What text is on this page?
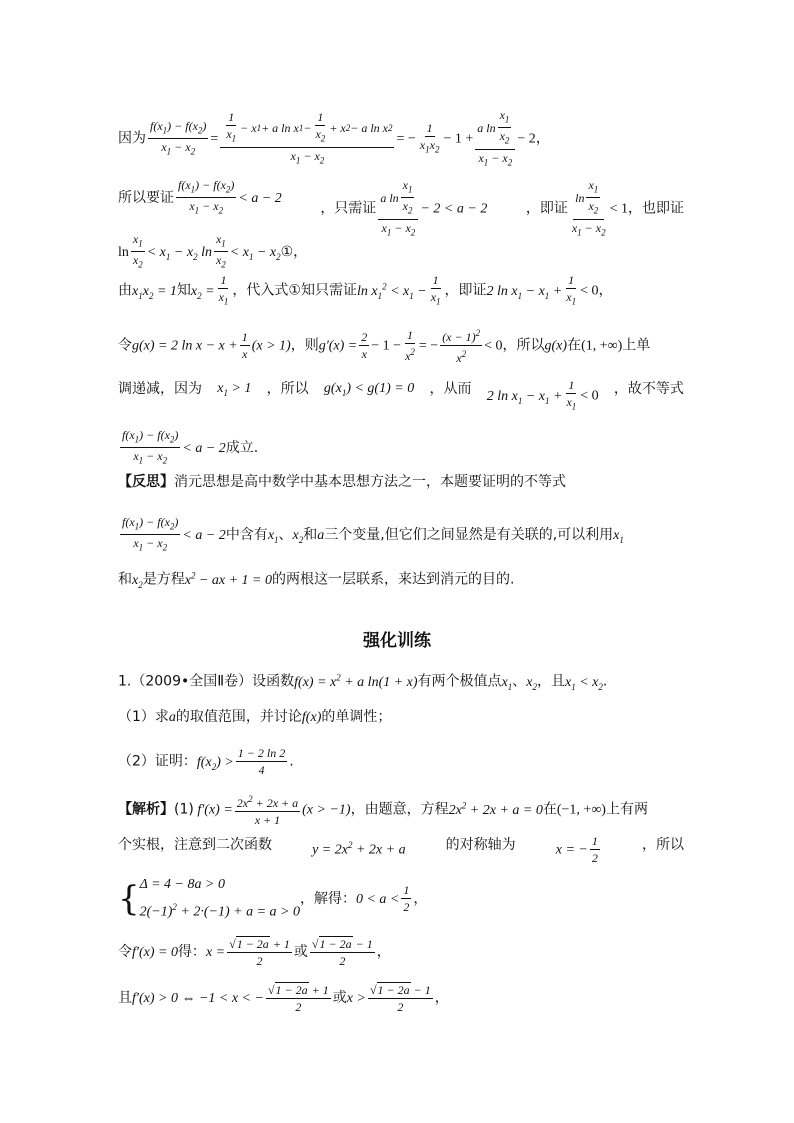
因为 $\frac{f(x_1) - f(x_2)}{x_1 - x_2} = \frac{\frac{1}{x_1} - x 1 + a \ln x 1 - \frac{1}{x_2} + x 2 - a \ln x 2}{x_1 - x_2}$ = − $\frac{1}{x_1x_2} - 1 + \frac{a \ln \frac{x_1}{x_2}}{x_1 - x_2} - 2$，
所以要证 $\frac{f(x_1) - f(x_2)}{x_1 - x_2} < a - 2$
，只需证 $\frac{a \ln \frac{x_1}{x_2}}{x_1 - x_2} - 2 < a - 2$	，即证 $\frac{\ln \frac{x_1}{x_2}}{x_1 - x_2} < 1$，也即证
$\ln \frac{x_1}{x_2} < x_1 - x_2$ $\ln \frac{x_1}{x_2} < x_1$ − $x_2①$，
由$x_1x_2 = 1$知$x_2 = \frac{1}{x_1}$ ，代入式①知只需证$\ln x_1^2 < x_1 - \frac{1}{x_1}$ ，即证2 $\ln x_1 - x_1 + \frac{1}{x_1} < 0$，
令g(x) = 2 $\ln x - x + \frac{1}{x} (x > 1)$，则$g'(x) = \frac{2}{x} - 1 - \frac{1}{x^2}$ = − $\frac{(x - 1)^2}{x^2} < 0$，所以g(x)在(1, +∞)上单
调递减，因为 $x_1 > 1$ ，所以 $g(x_1) < g(1) = 0$ ，从而 2 $\ln x_1 - x_1 + \frac{1}{x_1} < 0$ ，故不等式
$\frac{f(x_1) - f(x_2)}{x_1 - x_2} < a - 2$成立.
【反思】消元思想是高中数学中基本思想方法之一，本题要证明的不等式
$\frac{f(x_1) - f(x_2)}{x_1 - x_2} < a - 2$中含有$x_1$、$x_2$和a三个变量,但它们之间显然是有关联的,可以利用$x_1$
和$x_2$是方程$x^2$ − ax + 1 = 0的两根这一层联系，来达到消元的目的.
强化训练
1.（2009•全国Ⅱ卷）设函数$f(x) = x^2 + a$ ln(1 + x)有两个极值点$x_1$、$x_2$，且$x_1 < x_2$.
（1）求a的取值范围，并讨论f(x)的单调性；
（2）证明：$f(x_2) > \frac{1 - 2 \ln 2}{4}$ .
【解析】(1) $f'(x) = \frac{2x^2 + 2x + a}{x + 1} (x > -1)$，由题意，方程$2x^2 + 2x + a = 0$在(−1, +∞)上有两
个实根，注意到二次函数	$y = 2x^2 + 2x + a$	的对称轴为	x = − $\frac{1}{2}$	，所以
{ Δ = 4 − 8a > 0
$2(-1)^2 + 2\cdot(-1) + a = a > 0$
，解得：$0 < a < \frac{1}{2}$ ，
令f′(x) = 0得：$x = \frac{√1 - 2a + 1}{2}$ 或 $\frac{√1 - 2a - 1}{2}$ ，
且f′(x) > 0 ⇔ −1 < x < − $\frac{√1 - 2a + 1}{2}$ 或$x > \frac{√1 - 2a - 1}{2}$ ，
